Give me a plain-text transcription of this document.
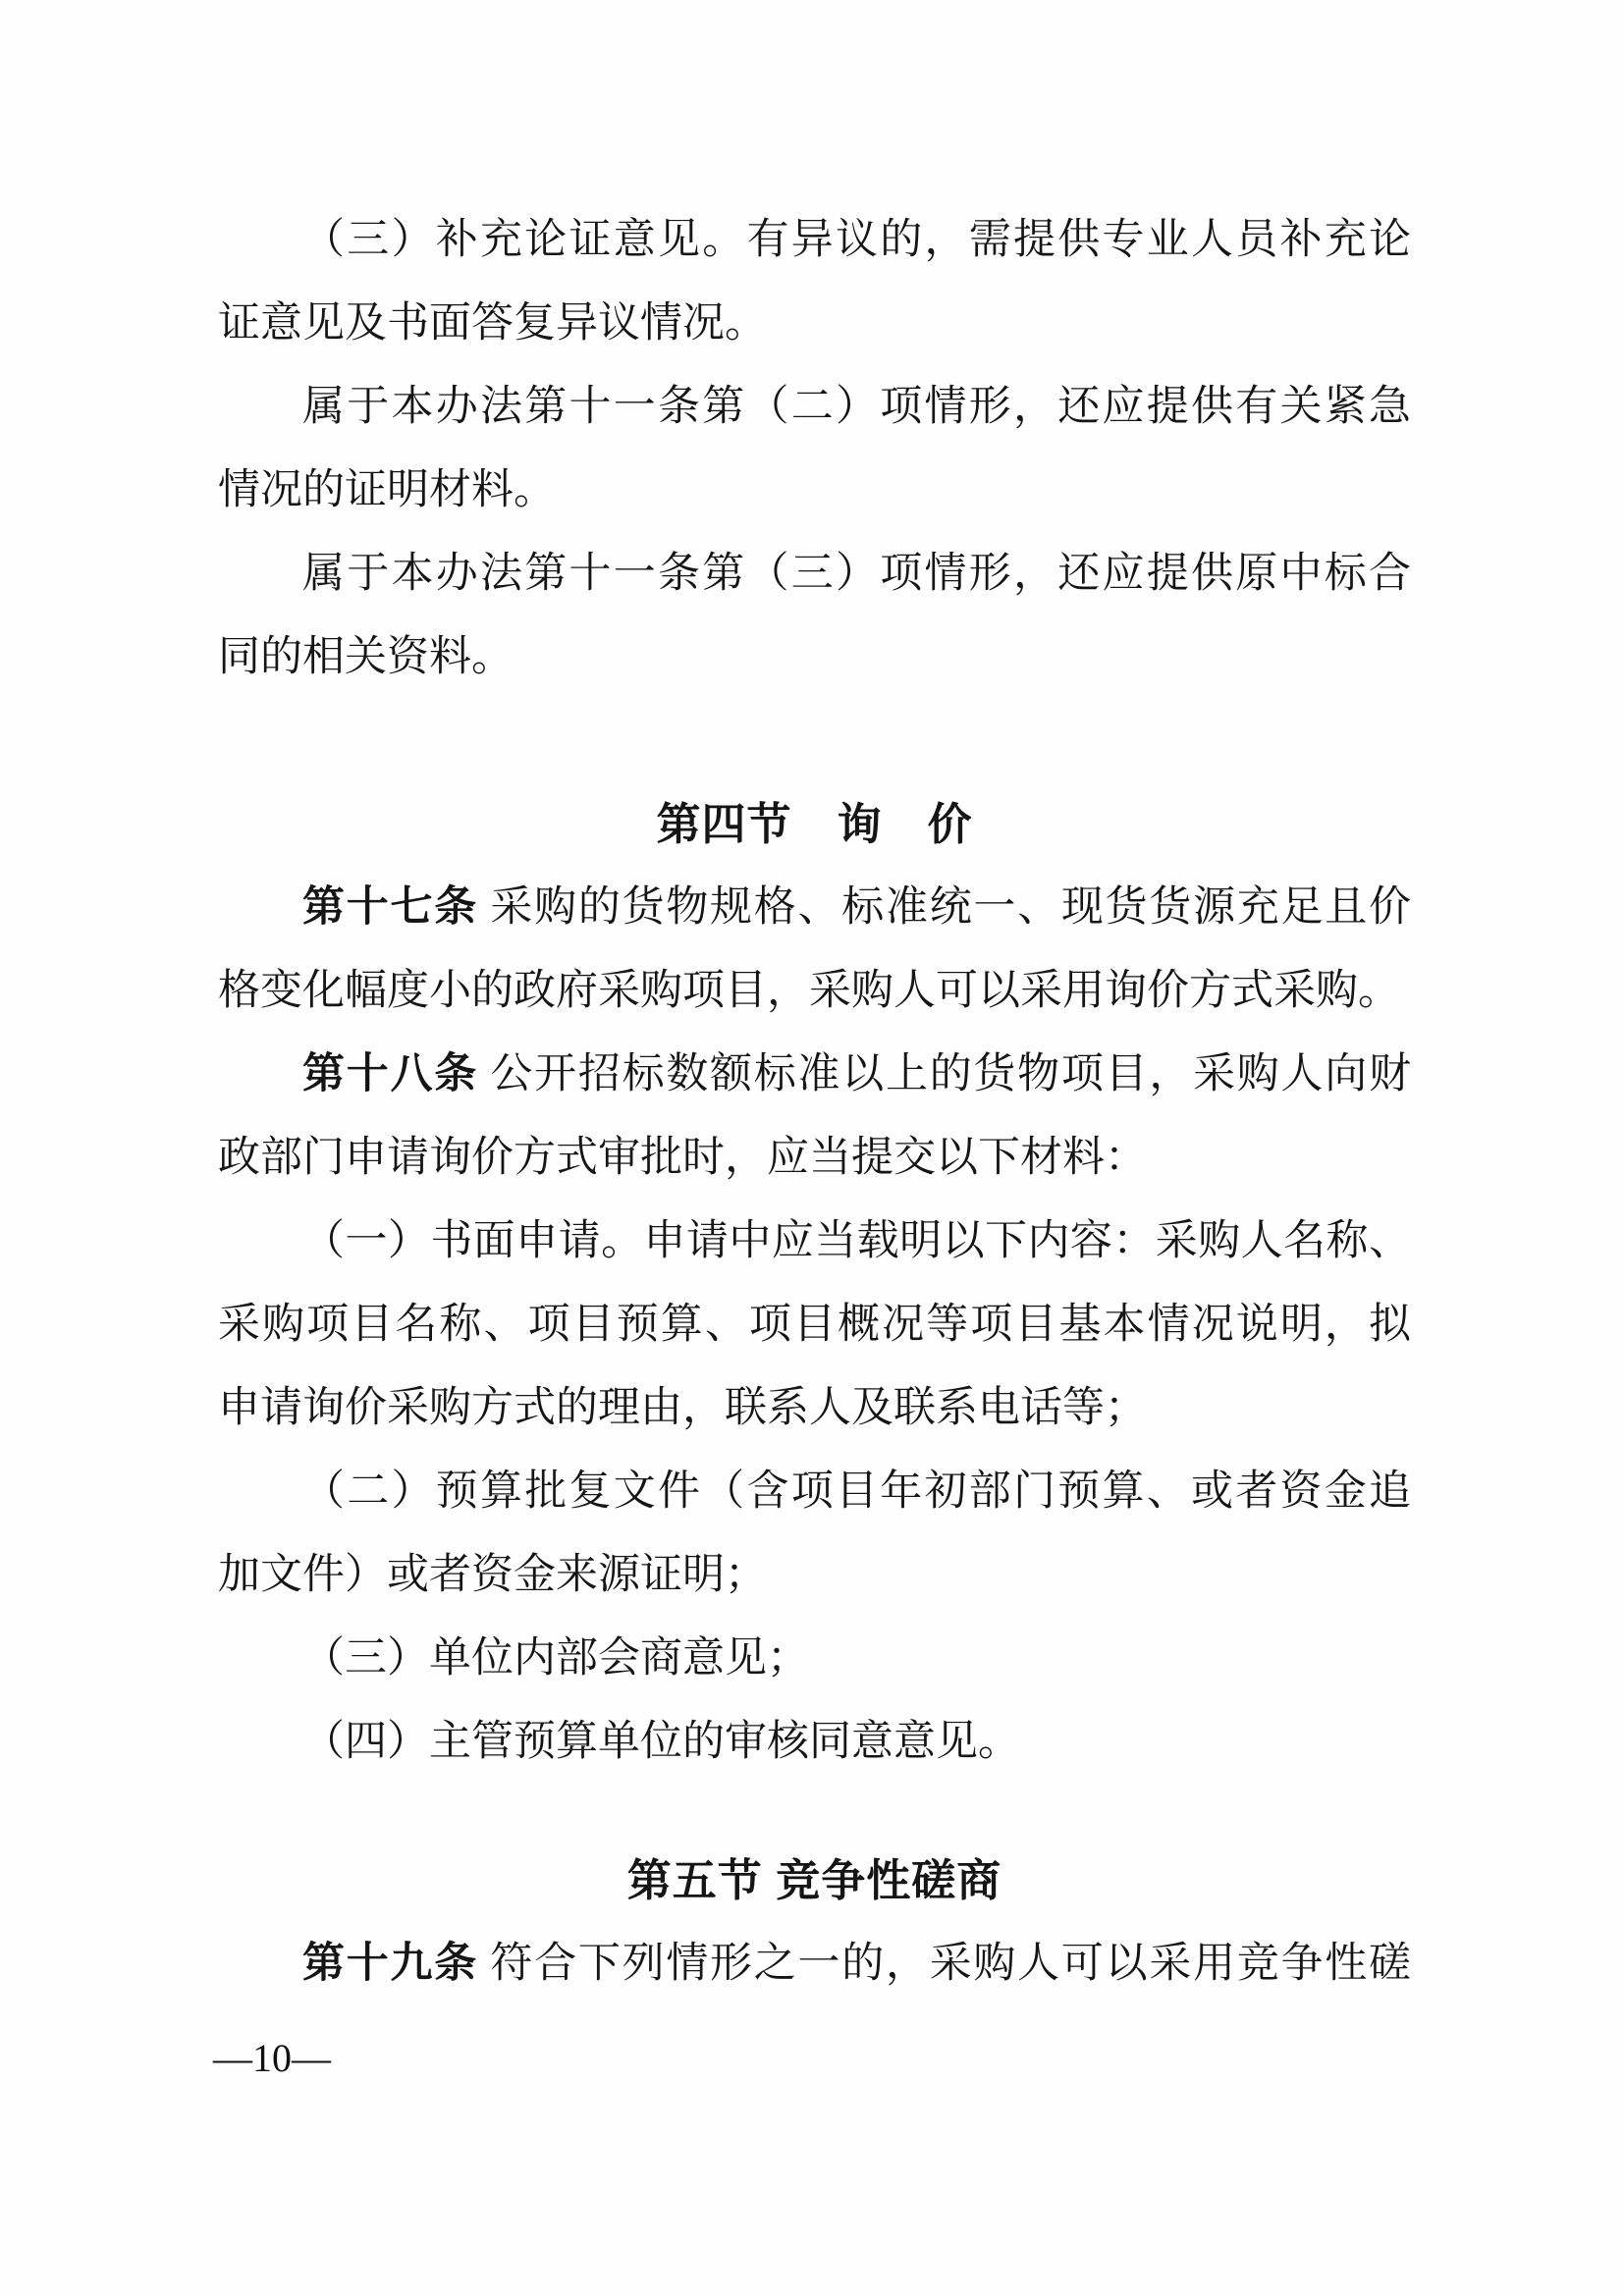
（三）补充论证意见。有异议的，需提供专业人员补充论
证意见及书面答复异议情况。

属于本办法第十一条第（二）项情形，还应提供有关紧急
情况的证明材料。

属于本办法第十一条第（三）项情形，还应提供原中标合
同的相关资料。

第四节　询　价

第十七条 采购的货物规格、标准统一、现货货源充足且价
格变化幅度小的政府采购项目，采购人可以采用询价方式采购。

第十八条 公开招标数额标准以上的货物项目，采购人向财
政部门申请询价方式审批时，应当提交以下材料：

（一）书面申请。申请中应当载明以下内容：采购人名称、
采购项目名称、项目预算、项目概况等项目基本情况说明，拟
申请询价采购方式的理由，联系人及联系电话等；

（二）预算批复文件（含项目年初部门预算、或者资金追
加文件）或者资金来源证明；

（三）单位内部会商意见；

（四）主管预算单位的审核同意意见。

第五节 竞争性磋商

第十九条 符合下列情形之一的，采购人可以采用竞争性磋

—10—
